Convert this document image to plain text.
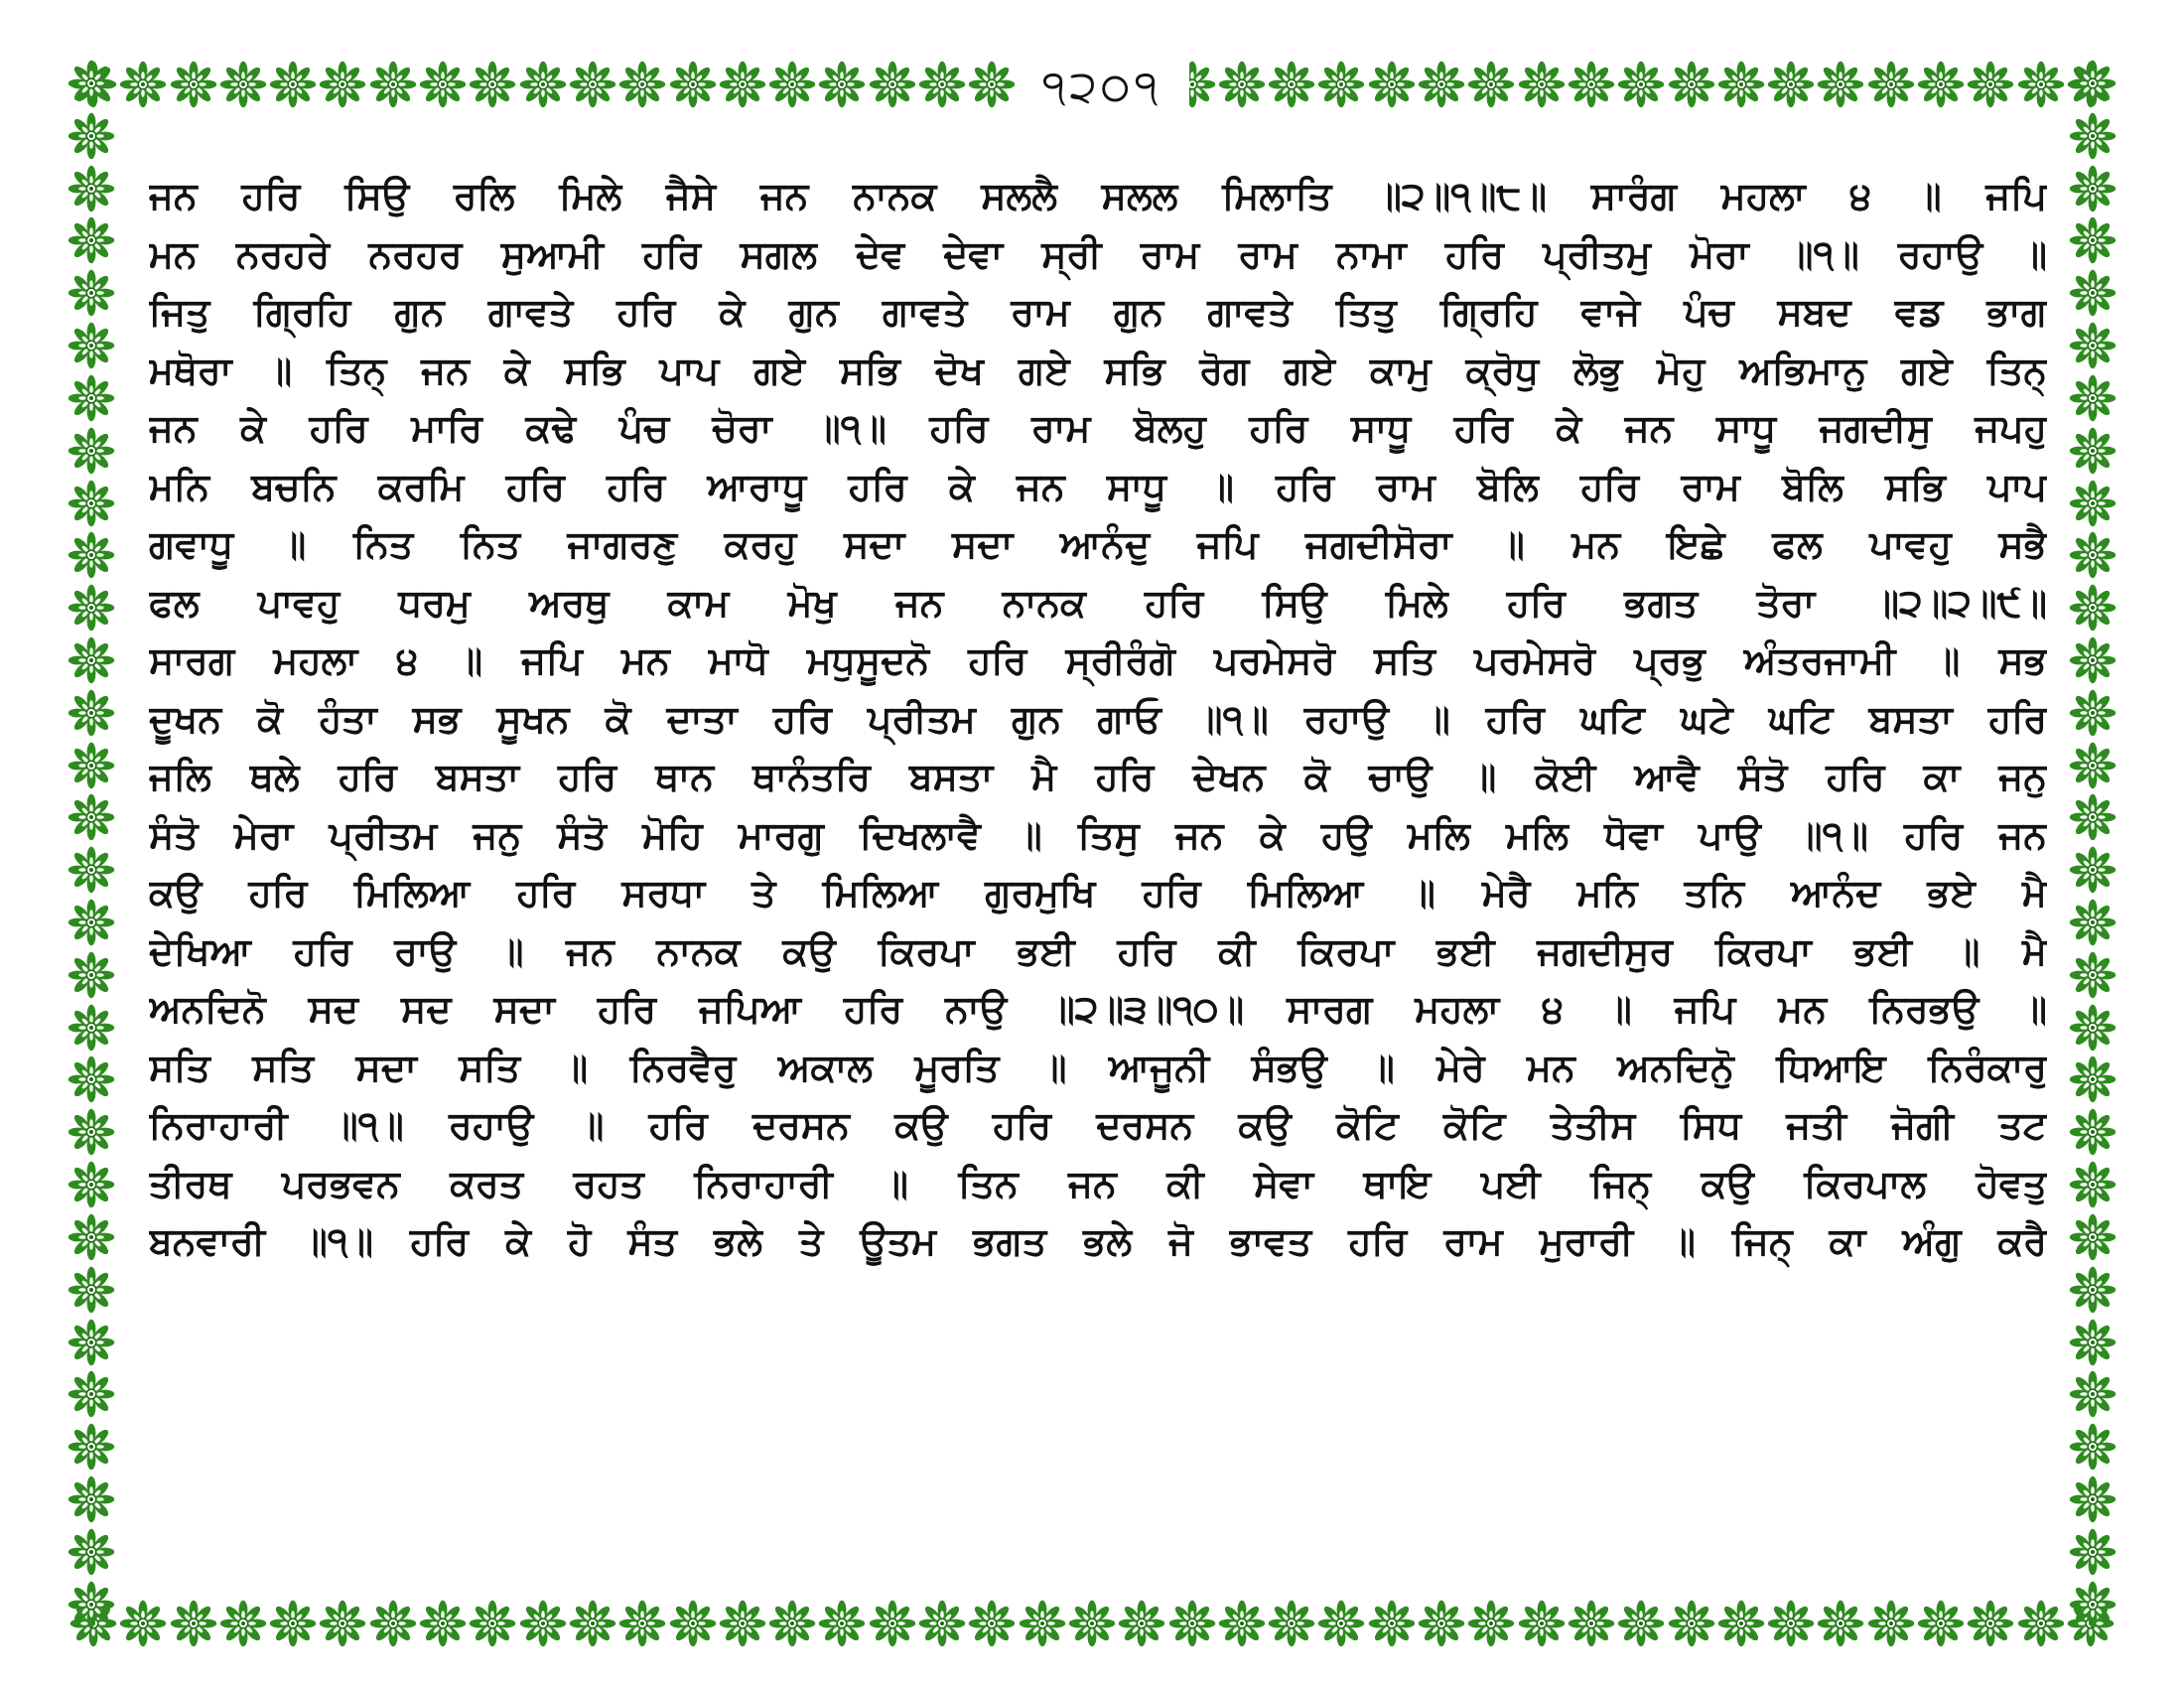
੧੨੦੧
ਜਨ ਹਰਿ ਸਿਉ ਰਲਿ ਮਿਲੇ ਜੈਸੇ ਜਨ ਨਾਨਕ ਸਲਲੈ ਸਲਲ ਮਿਲਾਤਿ ॥੨॥੧॥੮॥ ਸਾਰੰਗ ਮਹਲਾ ੪ ॥ ਜਪਿ
ਮਨ ਨਰਹਰੇ ਨਰਹਰ ਸੁਆਮੀ ਹਰਿ ਸਗਲ ਦੇਵ ਦੇਵਾ ਸ੍ਰੀ ਰਾਮ ਰਾਮ ਨਾਮਾ ਹਰਿ ਪ੍ਰੀਤਮੁ ਮੋਰਾ ॥੧॥ ਰਹਾਉ ॥
ਜਿਤੁ ਗ੍ਰਿਹਿ ਗੁਨ ਗਾਵਤੇ ਹਰਿ ਕੇ ਗੁਨ ਗਾਵਤੇ ਰਾਮ ਗੁਨ ਗਾਵਤੇ ਤਿਤੁ ਗ੍ਰਿਹਿ ਵਾਜੇ ਪੰਚ ਸਬਦ ਵਡ ਭਾਗ
ਮਥੋਰਾ ॥ ਤਿਨ੍ ਜਨ ਕੇ ਸਭਿ ਪਾਪ ਗਏ ਸਭਿ ਦੋਖ ਗਏ ਸਭਿ ਰੋਗ ਗਏ ਕਾਮੁ ਕ੍ਰੋਧੁ ਲੋਭੁ ਮੋਹੁ ਅਭਿਮਾਨੁ ਗਏ ਤਿਨ੍
ਜਨ ਕੇ ਹਰਿ ਮਾਰਿ ਕਢੇ ਪੰਚ ਚੋਰਾ ॥੧॥ ਹਰਿ ਰਾਮ ਬੋਲਹੁ ਹਰਿ ਸਾਧੂ ਹਰਿ ਕੇ ਜਨ ਸਾਧੂ ਜਗਦੀਸੁ ਜਪਹੁ
ਮਨਿ ਬਚਨਿ ਕਰਮਿ ਹਰਿ ਹਰਿ ਆਰਾਧੂ ਹਰਿ ਕੇ ਜਨ ਸਾਧੂ ॥ ਹਰਿ ਰਾਮ ਬੋਲਿ ਹਰਿ ਰਾਮ ਬੋਲਿ ਸਭਿ ਪਾਪ
ਗਵਾਧੂ ॥ ਨਿਤ ਨਿਤ ਜਾਗਰਣੁ ਕਰਹੁ ਸਦਾ ਸਦਾ ਆਨੰਦੁ ਜਪਿ ਜਗਦੀਸੋਰਾ ॥ ਮਨ ਇਛੇ ਫਲ ਪਾਵਹੁ ਸਭੈ
ਫਲ ਪਾਵਹੁ ਧਰਮੁ ਅਰਥੁ ਕਾਮ ਮੋਖੁ ਜਨ ਨਾਨਕ ਹਰਿ ਸਿਉ ਮਿਲੇ ਹਰਿ ਭਗਤ ਤੋਰਾ ॥੨॥੨॥੯॥
ਸਾਰਗ ਮਹਲਾ ੪ ॥ ਜਪਿ ਮਨ ਮਾਧੋ ਮਧੁਸੂਦਨੋ ਹਰਿ ਸ੍ਰੀਰੰਗੋ ਪਰਮੇਸਰੋ ਸਤਿ ਪਰਮੇਸਰੋ ਪ੍ਰਭੁ ਅੰਤਰਜਾਮੀ ॥ ਸਭ
ਦੂਖਨ ਕੋ ਹੰਤਾ ਸਭ ਸੂਖਨ ਕੋ ਦਾਤਾ ਹਰਿ ਪ੍ਰੀਤਮ ਗੁਨ ਗਾਓ ॥੧॥ ਰਹਾਉ ॥ ਹਰਿ ਘਟਿ ਘਟੇ ਘਟਿ ਬਸਤਾ ਹਰਿ
ਜਲਿ ਥਲੇ ਹਰਿ ਬਸਤਾ ਹਰਿ ਥਾਨ ਥਾਨੰਤਰਿ ਬਸਤਾ ਮੈ ਹਰਿ ਦੇਖਨ ਕੋ ਚਾਉ ॥ ਕੋਈ ਆਵੈ ਸੰਤੋ ਹਰਿ ਕਾ ਜਨੁ
ਸੰਤੋ ਮੇਰਾ ਪ੍ਰੀਤਮ ਜਨੁ ਸੰਤੋ ਮੋਹਿ ਮਾਰਗੁ ਦਿਖਲਾਵੈ ॥ ਤਿਸੁ ਜਨ ਕੇ ਹਉ ਮਲਿ ਮਲਿ ਧੋਵਾ ਪਾਉ ॥੧॥ ਹਰਿ ਜਨ
ਕਉ ਹਰਿ ਮਿਲਿਆ ਹਰਿ ਸਰਧਾ ਤੇ ਮਿਲਿਆ ਗੁਰਮੁਖਿ ਹਰਿ ਮਿਲਿਆ ॥ ਮੇਰੈ ਮਨਿ ਤਨਿ ਆਨੰਦ ਭਏ ਮੈ
ਦੇਖਿਆ ਹਰਿ ਰਾਉ ॥ ਜਨ ਨਾਨਕ ਕਉ ਕਿਰਪਾ ਭਈ ਹਰਿ ਕੀ ਕਿਰਪਾ ਭਈ ਜਗਦੀਸੁਰ ਕਿਰਪਾ ਭਈ ॥ ਮੈ
ਅਨਦਿਨੋ ਸਦ ਸਦ ਸਦਾ ਹਰਿ ਜਪਿਆ ਹਰਿ ਨਾਉ ॥੨॥੩॥੧੦॥ ਸਾਰਗ ਮਹਲਾ ੪ ॥ ਜਪਿ ਮਨ ਨਿਰਭਉ ॥
ਸਤਿ ਸਤਿ ਸਦਾ ਸਤਿ ॥ ਨਿਰਵੈਰੁ ਅਕਾਲ ਮੂਰਤਿ ॥ ਆਜੂਨੀ ਸੰਭਉ ॥ ਮੇਰੇ ਮਨ ਅਨਦਿਨੁੋ ਧਿਆਇ ਨਿਰੰਕਾਰੁ
ਨਿਰਾਹਾਰੀ ॥੧॥ ਰਹਾਉ ॥ ਹਰਿ ਦਰਸਨ ਕਉ ਹਰਿ ਦਰਸਨ ਕਉ ਕੋਟਿ ਕੋਟਿ ਤੇਤੀਸ ਸਿਧ ਜਤੀ ਜੋਗੀ ਤਟ
ਤੀਰਥ ਪਰਭਵਨ ਕਰਤ ਰਹਤ ਨਿਰਾਹਾਰੀ ॥ ਤਿਨ ਜਨ ਕੀ ਸੇਵਾ ਥਾਇ ਪਈ ਜਿਨ੍ ਕਉ ਕਿਰਪਾਲ ਹੋਵਤੁ
ਬਨਵਾਰੀ ॥੧॥ ਹਰਿ ਕੇ ਹੋ ਸੰਤ ਭਲੇ ਤੇ ਊਤਮ ਭਗਤ ਭਲੇ ਜੋ ਭਾਵਤ ਹਰਿ ਰਾਮ ਮੁਰਾਰੀ ॥ ਜਿਨ੍ ਕਾ ਅੰਗੁ ਕਰੈ
